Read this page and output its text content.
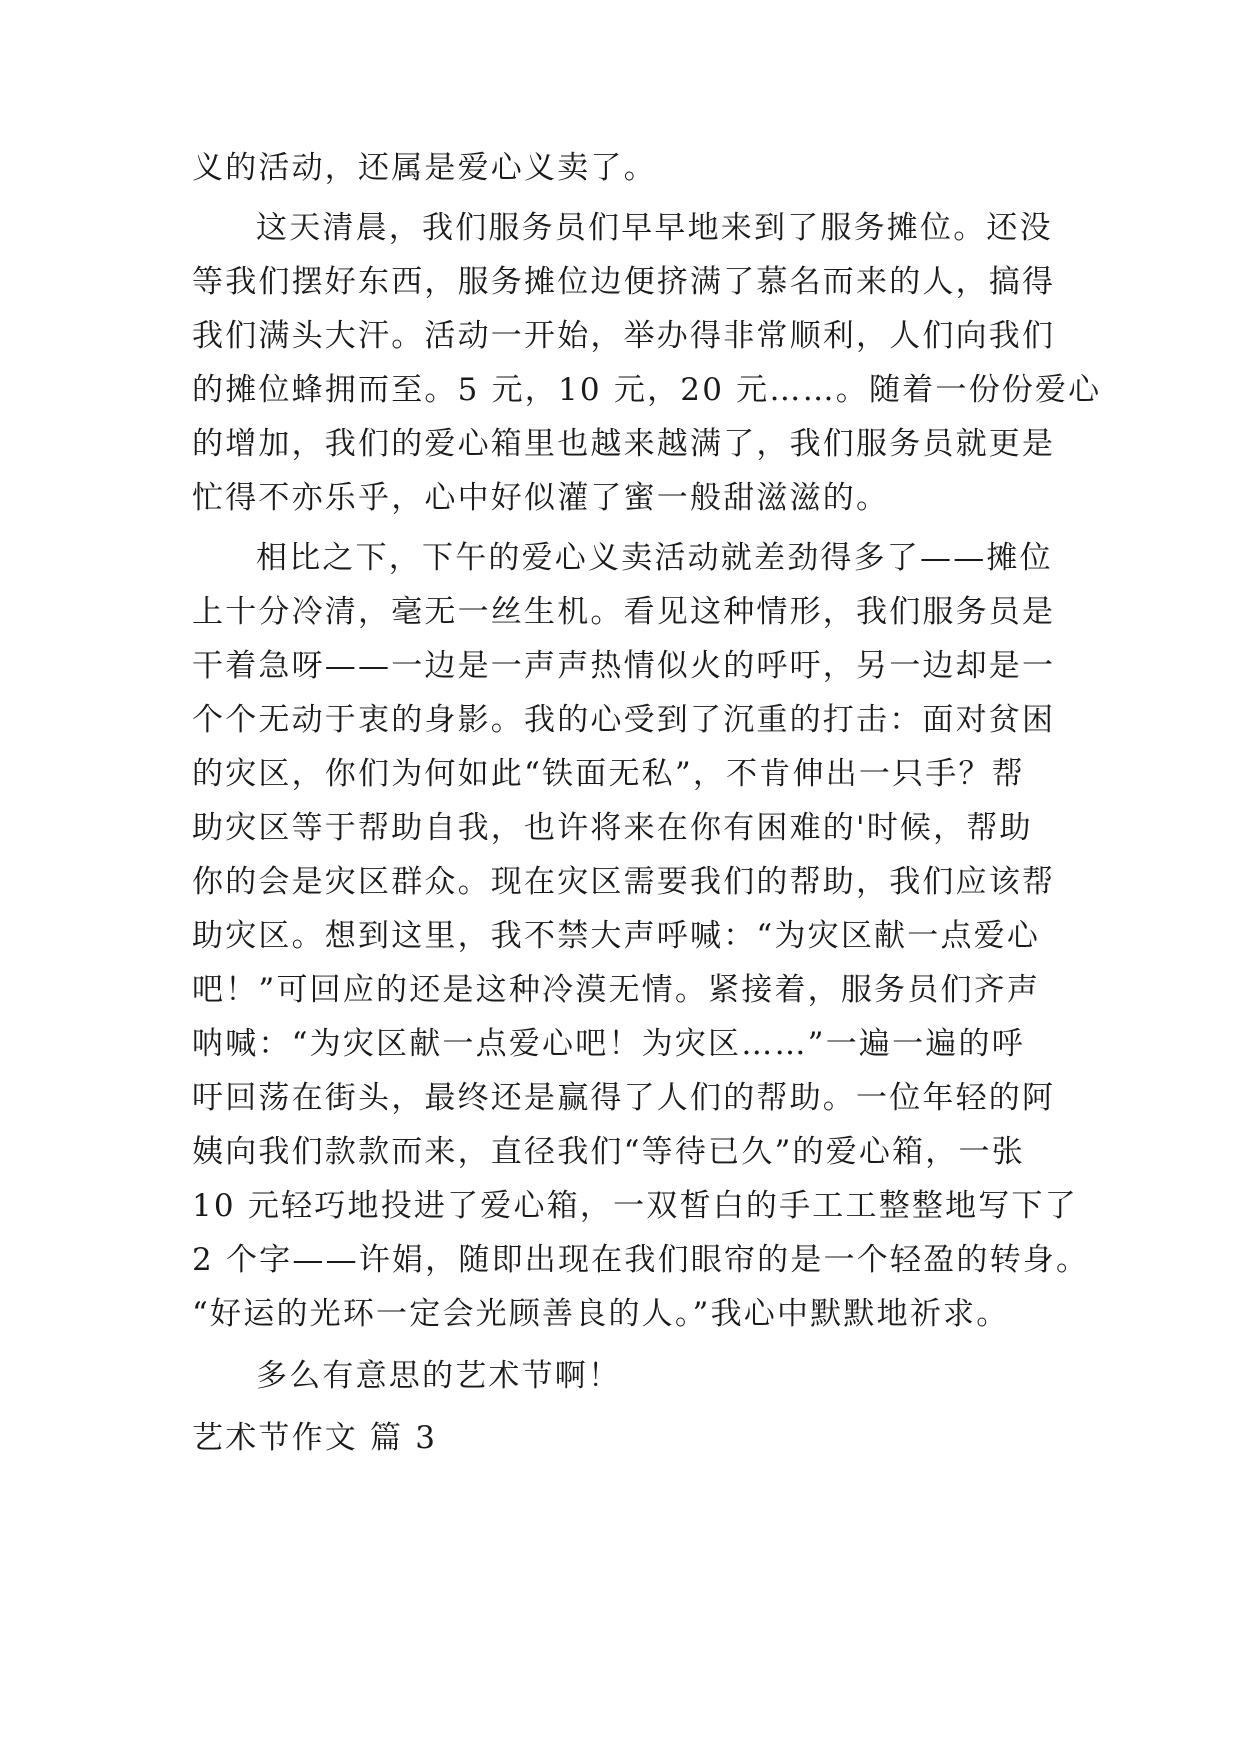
义的活动，还属是爱心义卖了。
这天清晨，我们服务员们早早地来到了服务摊位。还没
等我们摆好东西，服务摊位边便挤满了慕名而来的人，搞得
我们满头大汗。活动一开始，举办得非常顺利，人们向我们
的摊位蜂拥而至。5 元，10 元，20 元……。随着一份份爱心
的增加，我们的爱心箱里也越来越满了，我们服务员就更是
忙得不亦乐乎，心中好似灌了蜜一般甜滋滋的。
相比之下，下午的爱心义卖活动就差劲得多了——摊位
上十分冷清，毫无一丝生机。看见这种情形，我们服务员是
干着急呀——一边是一声声热情似火的呼吁，另一边却是一
个个无动于衷的身影。我的心受到了沉重的打击：面对贫困
的灾区，你们为何如此“铁面无私”，不肯伸出一只手？帮
助灾区等于帮助自我，也许将来在你有困难的'时候，帮助
你的会是灾区群众。现在灾区需要我们的帮助，我们应该帮
助灾区。想到这里，我不禁大声呼喊：“为灾区献一点爱心
吧！”可回应的还是这种冷漠无情。紧接着，服务员们齐声
呐喊：“为灾区献一点爱心吧！为灾区……”一遍一遍的呼
吁回荡在街头，最终还是赢得了人们的帮助。一位年轻的阿
姨向我们款款而来，直径我们“等待已久”的爱心箱，一张
10 元轻巧地投进了爱心箱，一双皙白的手工工整整地写下了
2 个字——许娟，随即出现在我们眼帘的是一个轻盈的转身。
“好运的光环一定会光顾善良的人。”我心中默默地祈求。
多么有意思的艺术节啊！
艺术节作文 篇 3
